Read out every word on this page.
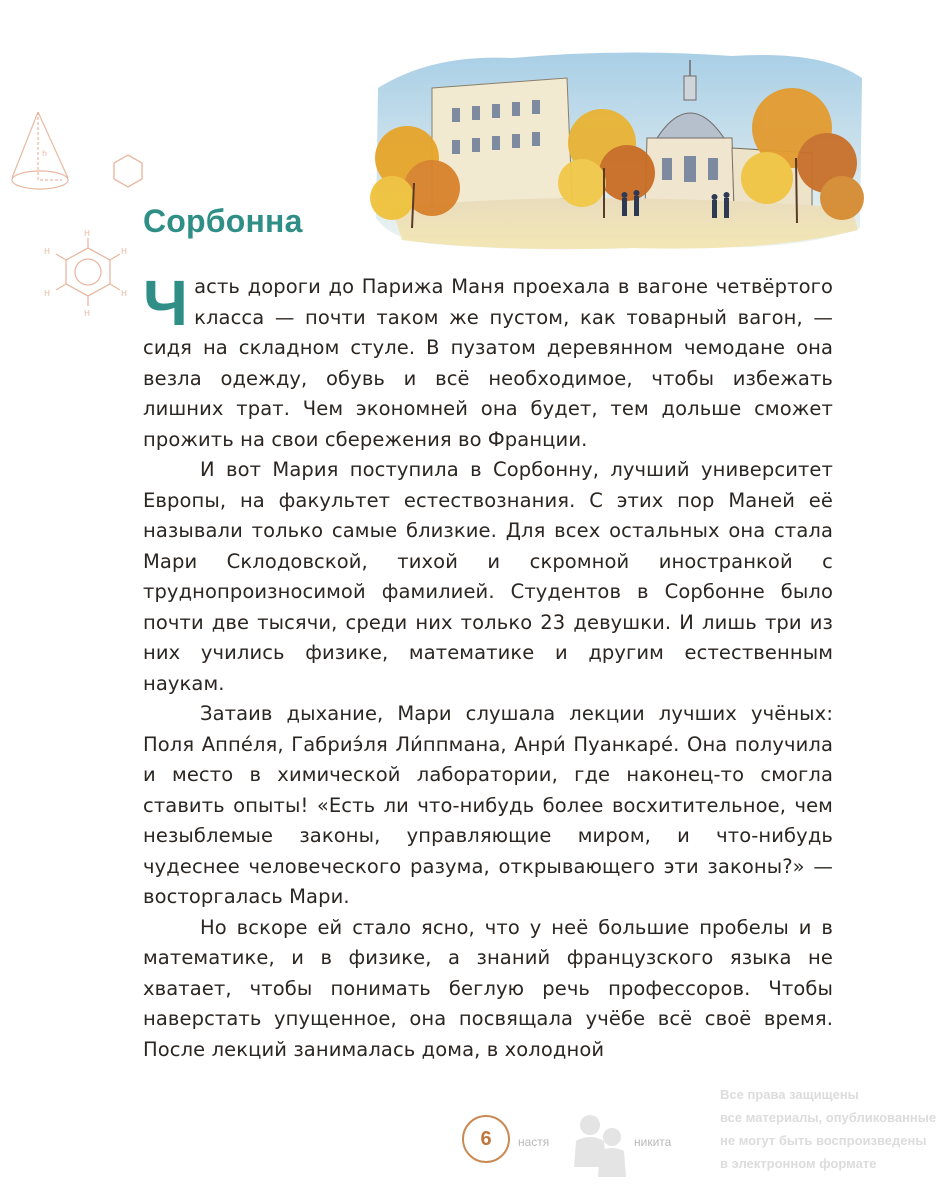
h
H
H
H
H
H
H
Сорбонна

Часть дороги до Парижа Маня проехала в вагоне четвёртого класса — почти таком же пустом, как товарный вагон, — сидя на складном стуле. В пузатом деревянном чемодане она везла одежду, обувь и всё необходимое, чтобы избежать лишних трат. Чем экономней она будет, тем дольше сможет прожить на свои сбережения во Франции.

И вот Мария поступила в Сорбонну, лучший университет Европы, на факультет естествознания. С этих пор Маней её называли только самые близкие. Для всех остальных она стала Мари Склодовской, тихой и скромной иностранкой с труднопроизносимой фамилией. Студентов в Сорбонне было почти две тысячи, среди них только 23 девушки. И лишь три из них учились физике, математике и другим естественным наукам.

Затаив дыхание, Мари слушала лекции лучших учёных: Поля Аппе́ля, Габриэ́ля Ли́ппмана, Анри́ Пуанкаре́. Она получила и место в химической лаборатории, где наконец-то смогла ставить опыты! «Есть ли что-нибудь более восхитительное, чем незыблемые законы, управляющие миром, и что-нибудь чудеснее человеческого разума, открывающего эти законы?» — восторгалась Мари.

Но вскоре ей стало ясно, что у неё большие пробелы и в математике, и в физике, а знаний французского языка не хватает, чтобы понимать беглую речь профессоров. Чтобы наверстать упущенное, она посвящала учёбе всё своё время. После лекций занималась дома, в холодной

6	настя	никита
Все права защищены
все материалы, опубликованные
не могут быть воспроизведены
в электронном формате
